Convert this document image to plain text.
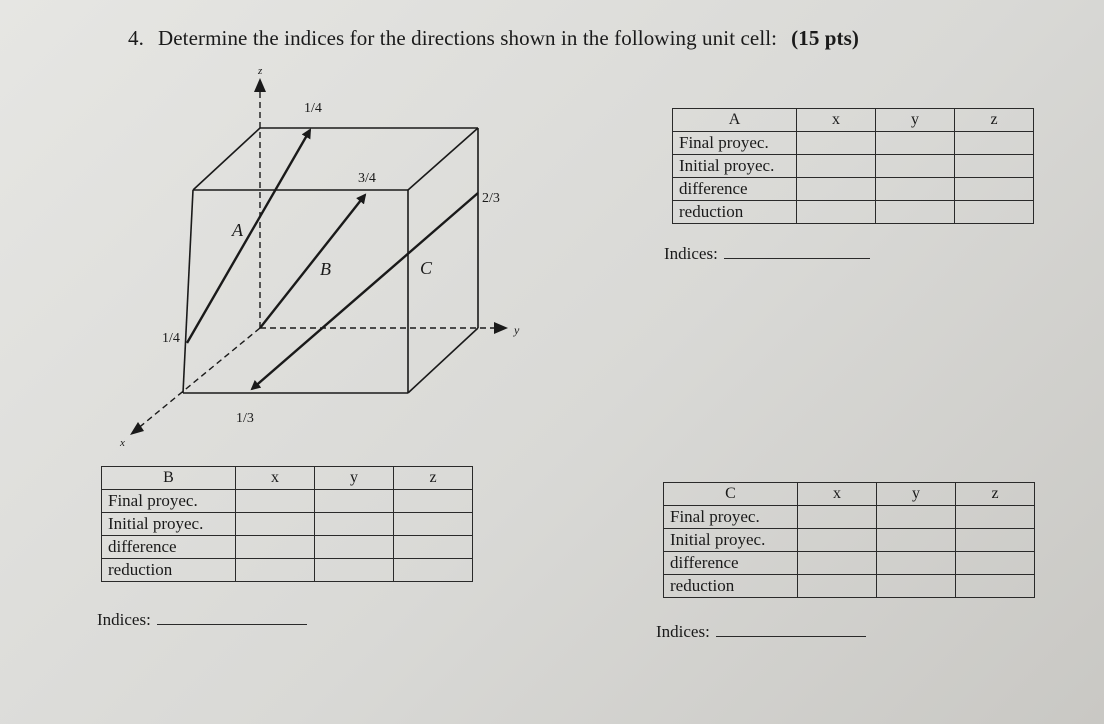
4. Determine the indices for the directions shown in the following unit cell: (15 pts)
z
y
x
1/4
3/4
2/3
1/4
1/3
A
B	C
A	x	y	z
Final proyec.			
Initial proyec.			
difference			
reduction			
Indices:
B	x	y	z
Final proyec.			
Initial proyec.			
difference			
reduction			
Indices:
C	x	y	z
Final proyec.			
Initial proyec.			
difference			
reduction			
Indices:
